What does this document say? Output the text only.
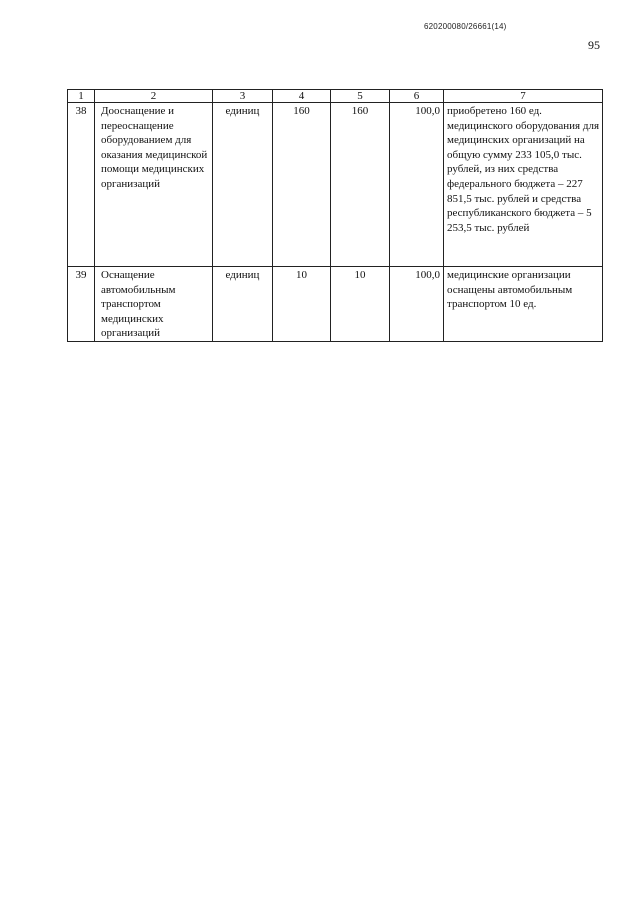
620200080/26661(14)
95
1	2	3	4	5	6	7
38	Дооснащение и переоснащение оборудованием для оказания медицинской помощи медицинских организаций	единиц	160	160	100,0	приобретено 160 ед. медицинского оборудования для медицинских организаций на общую сумму 233 105,0 тыс. рублей, из них средства федерального бюджета – 227 851,5 тыс. рублей и средства республиканского бюджета – 5 253,5 тыс. рублей
39	Оснащение автомобильным транспортом медицинских организаций	единиц	10	10	100,0	медицинские организации оснащены автомобильным транспортом 10 ед.
